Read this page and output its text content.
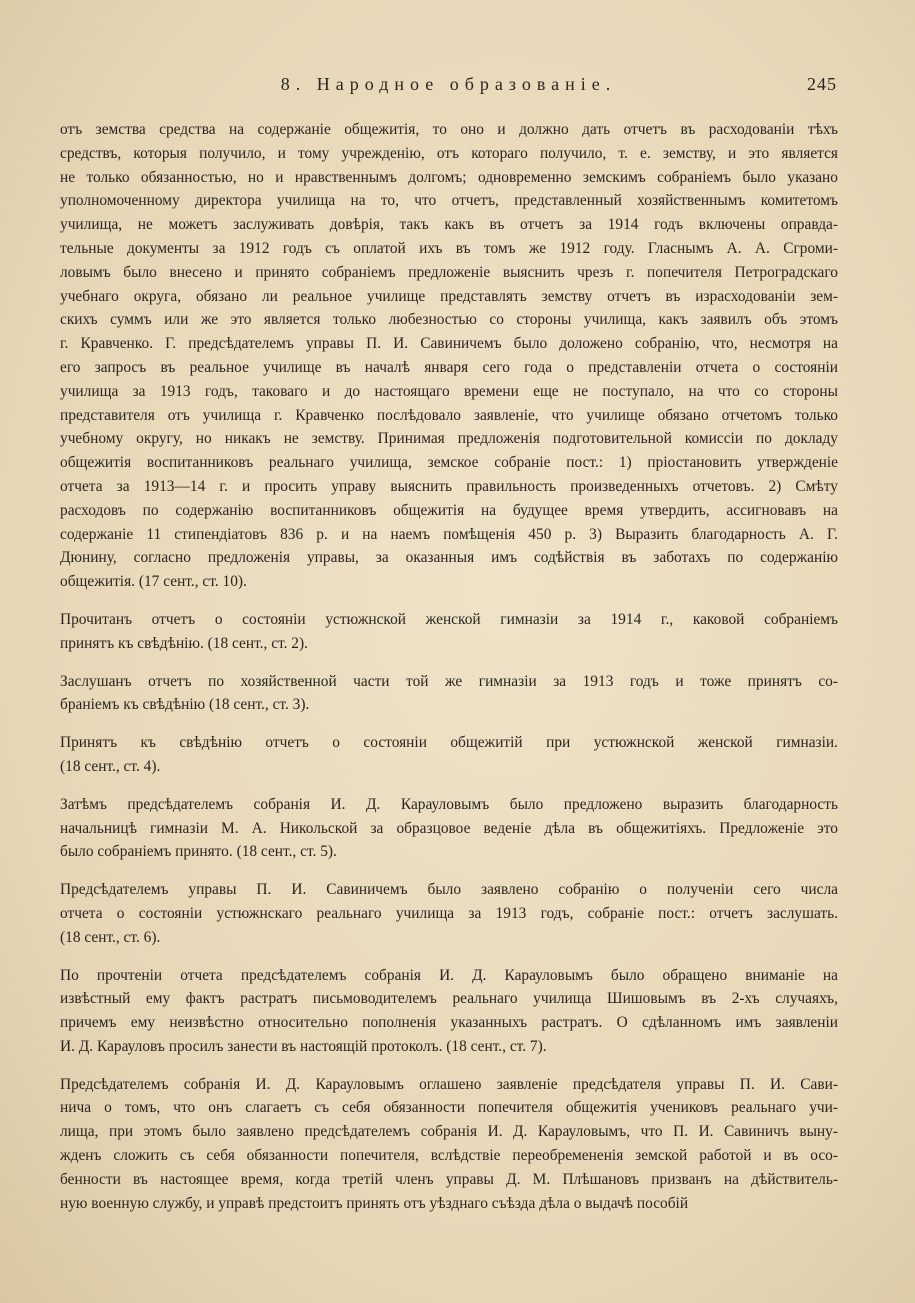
8. Народное образованіе.	245
отъ земства средства на содержаніе общежитія, то оно и должно дать отчетъ въ расходованіи тѣхъ
средствъ, которыя получило, и тому учрежденію, отъ котораго получило, т. е. земству, и это является
не только обязанностью, но и нравственнымъ долгомъ; одновременно земскимъ собраніемъ было указано
уполномоченному директора училища на то, что отчетъ, представленный хозяйственнымъ комитетомъ
училища, не можетъ заслуживать довѣрія, такъ какъ въ отчетъ за 1914 годъ включены оправда-
тельные документы за 1912 годъ съ оплатой ихъ въ томъ же 1912 году. Гласнымъ А. А. Сгроми-
ловымъ было внесено и принято собраніемъ предложеніе выяснить чрезъ г. попечителя Петроградскаго
учебнаго округа, обязано ли реальное училище представлять земству отчетъ въ израсходованіи зем-
скихъ суммъ или же это является только любезностью со стороны училища, какъ заявилъ объ этомъ
г. Кравченко. Г. предсѣдателемъ управы П. И. Савиничемъ было доложено собранію, что, несмотря на
его запросъ въ реальное училище въ началѣ января сего года о представленіи отчета о состояніи
училища за 1913 годъ, таковаго и до настоящаго времени еще не поступало, на что со стороны
представителя отъ училища г. Кравченко послѣдовало заявленіе, что училище обязано отчетомъ только
учебному округу, но никакъ не земству. Принимая предложенія подготовительной комиссіи по докладу
общежитія воспитанниковъ реальнаго училища, земское собраніе пост.: 1) пріостановить утвержденіе
отчета за 1913—14 г. и просить управу выяснить правильность произведенныхъ отчетовъ. 2) Смѣту
расходовъ по содержанію воспитанниковъ общежитія на будущее время утвердить, ассигновавъ на
содержаніе 11 стипендіатовъ 836 р. и на наемъ помѣщенія 450 р. 3) Выразить благодарность А. Г.
Дюнину, согласно предложенія управы, за оказанныя имъ содѣйствія въ заботахъ по содержанію
общежитія. (17 сент., ст. 10).
Прочитанъ отчетъ о состояніи устюжнской женской гимназіи за 1914 г., каковой собраніемъ
принятъ къ свѣдѣнію. (18 сент., ст. 2).
Заслушанъ отчетъ по хозяйственной части той же гимназіи за 1913 годъ и тоже принятъ со-
браніемъ къ свѣдѣнію (18 сент., ст. 3).
Принятъ къ свѣдѣнію отчетъ о состояніи общежитій при устюжнской женской гимназіи.
(18 сент., ст. 4).
Затѣмъ предсѣдателемъ собранія И. Д. Карауловымъ было предложено выразить благодарность
начальницѣ гимназіи М. А. Никольской за образцовое веденіе дѣла въ общежитіяхъ. Предложеніе это
было собраніемъ принято. (18 сент., ст. 5).
Предсѣдателемъ управы П. И. Савиничемъ было заявлено собранію о полученіи сего числа
отчета о состояніи устюжнскаго реальнаго училища за 1913 годъ, собраніе пост.: отчетъ заслушать.
(18 сент., ст. 6).
По прочтеніи отчета предсѣдателемъ собранія И. Д. Карауловымъ было обращено вниманіе на
извѣстный ему фактъ растратъ письмоводителемъ реальнаго училища Шишовымъ въ 2-хъ случаяхъ,
причемъ ему неизвѣстно относительно пополненія указанныхъ растратъ. О сдѣланномъ имъ заявленіи
И. Д. Карауловъ просилъ занести въ настоящій протоколъ. (18 сент., ст. 7).
Предсѣдателемъ собранія И. Д. Карауловымъ оглашено заявленіе предсѣдателя управы П. И. Сави-
нича о томъ, что онъ слагаетъ съ себя обязанности попечителя общежитія учениковъ реальнаго учи-
лища, при этомъ было заявлено предсѣдателемъ собранія И. Д. Карауловымъ, что П. И. Савиничъ выну-
жденъ сложить съ себя обязанности попечителя, вслѣдствіе переобремененія земской работой и въ осо-
бенности въ настоящее время, когда третій членъ управы Д. М. Плѣшановъ призванъ на дѣйствитель-
ную военную службу, и управѣ предстоитъ принять отъ уѣзднаго съѣзда дѣла о выдачѣ пособій
